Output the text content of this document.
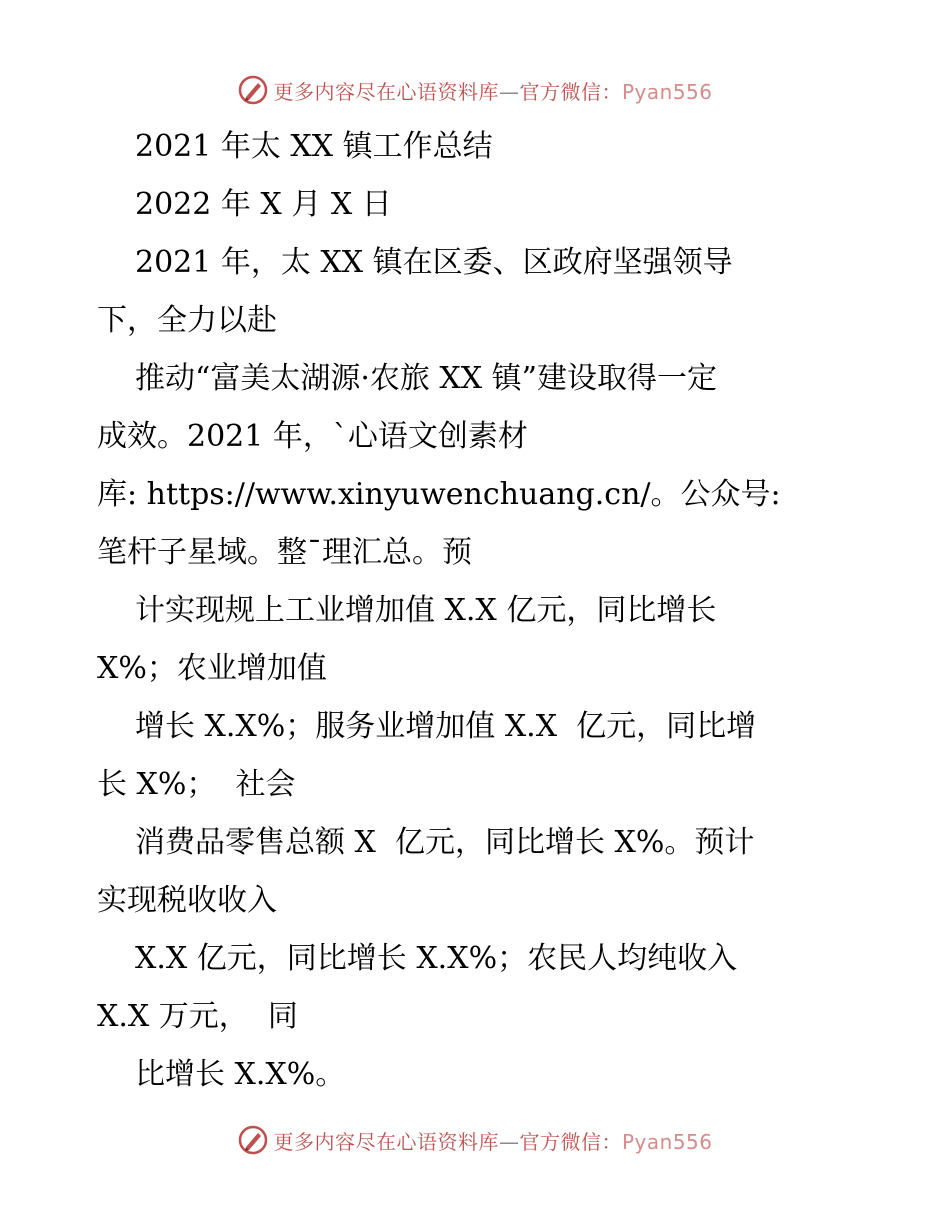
更多内容尽在心语资料库—官方微信：Pyan556
2021 年太 XX 镇工作总结
2022 年 X 月 X 日
2021 年，太 XX 镇在区委、区政府坚强领导
下，全力以赴
推动“富美太湖源·农旅 XX 镇”建设取得一定
成效。2021 年，`心语文创素材
库: https://www.xinyuwenchuang.cn/。公众号:
笔杆子星域。整¯理汇总。预
计实现规上工业增加值 X.X 亿元，同比增长
X%；农业增加值
增长 X.X%；服务业增加值 X.X  亿元，同比增
长 X%；  社会
消费品零售总额 X  亿元，同比增长 X%。预计
实现税收收入
X.X 亿元，同比增长 X.X%；农民人均纯收入
X.X 万元，  同
比增长 X.X%。
更多内容尽在心语资料库—官方微信：Pyan556
